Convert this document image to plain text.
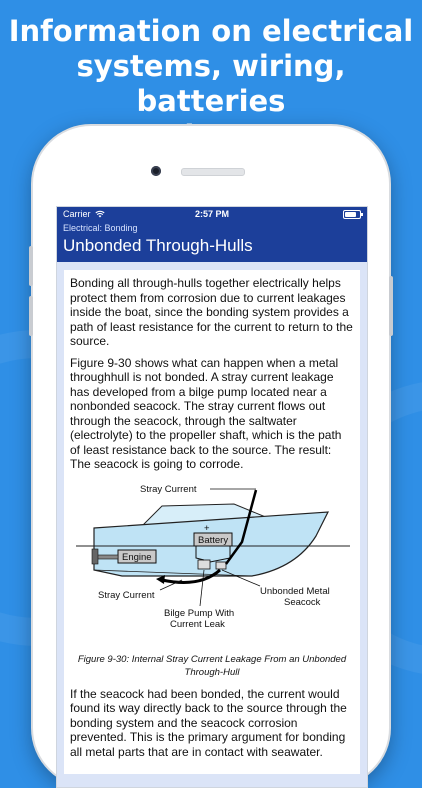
Information on electrical
systems, wiring, batteries
Carrier	2:57 PM
Electrical: Bonding
Unbonded Through-Hulls

Bonding all through-hulls together electrically helps protect them from corrosion due to current leakages inside the boat, since the bonding system provides a path of least resistance for the current to return to the source.

Figure 9-30 shows what can happen when a metal throughhull is not bonded. A stray current leakage has developed from a bilge pump located near a nonbonded seacock. The stray current flows out through the seacock, through the saltwater (electrolyte) to the propeller shaft, which is the path of least resistance back to the source. The result: The seacock is going to corrode.

Battery
+
Engine
Stray Current
Stray Current	Unbonded Metal
Seacock
Bilge Pump With
Current Leak

Figure 9-30: Internal Stray Current Leakage From an Unbonded Through-Hull

If the seacock had been bonded, the current would found its way directly back to the source through the bonding system and the seacock corrosion prevented. This is the primary argument for bonding all metal parts that are in contact with seawater.
